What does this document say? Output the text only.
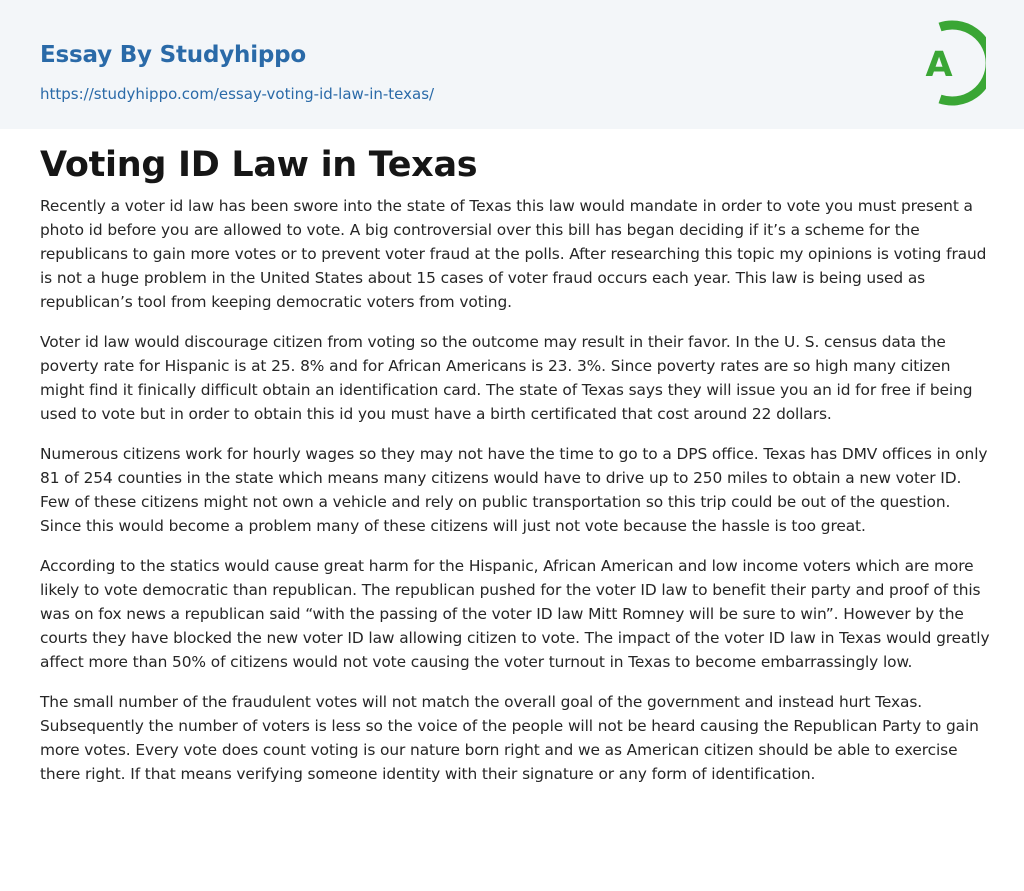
Essay By Studyhippo
https://studyhippo.com/essay-voting-id-law-in-texas/
A
Voting ID Law in Texas

Recently a voter id law has been swore into the state of Texas this law would mandate in order to vote you must present a photo id before you are allowed to vote. A big controversial over this bill has began deciding if it’s a scheme for the republicans to gain more votes or to prevent voter fraud at the polls. After researching this topic my opinions is voting fraud is not a huge problem in the United States about 15 cases of voter fraud occurs each year. This law is being used as republican’s tool from keeping democratic voters from voting.

Voter id law would discourage citizen from voting so the outcome may result in their favor. In the U. S. census data the poverty rate for Hispanic is at 25. 8% and for African Americans is 23. 3%. Since poverty rates are so high many citizen might find it finically difficult obtain an identification card. The state of Texas says they will issue you an id for free if being used to vote but in order to obtain this id you must have a birth certificated that cost around 22 dollars.

Numerous citizens work for hourly wages so they may not have the time to go to a DPS office. Texas has DMV offices in only 81 of 254 counties in the state which means many citizens would have to drive up to 250 miles to obtain a new voter ID. Few of these citizens might not own a vehicle and rely on public transportation so this trip could be out of the question. Since this would become a problem many of these citizens will just not vote because the hassle is too great.

According to the statics would cause great harm for the Hispanic, African American and low income voters which are more likely to vote democratic than republican. The republican pushed for the voter ID law to benefit their party and proof of this was on fox news a republican said “with the passing of the voter ID law Mitt Romney will be sure to win”. However by the courts they have blocked the new voter ID law allowing citizen to vote. The impact of the voter ID law in Texas would greatly affect more than 50% of citizens would not vote causing the voter turnout in Texas to become embarrassingly low.

The small number of the fraudulent votes will not match the overall goal of the government and instead hurt Texas. Subsequently the number of voters is less so the voice of the people will not be heard causing the Republican Party to gain more votes. Every vote does count voting is our nature born right and we as American citizen should be able to exercise there right. If that means verifying someone identity with their signature or any form of identification.
